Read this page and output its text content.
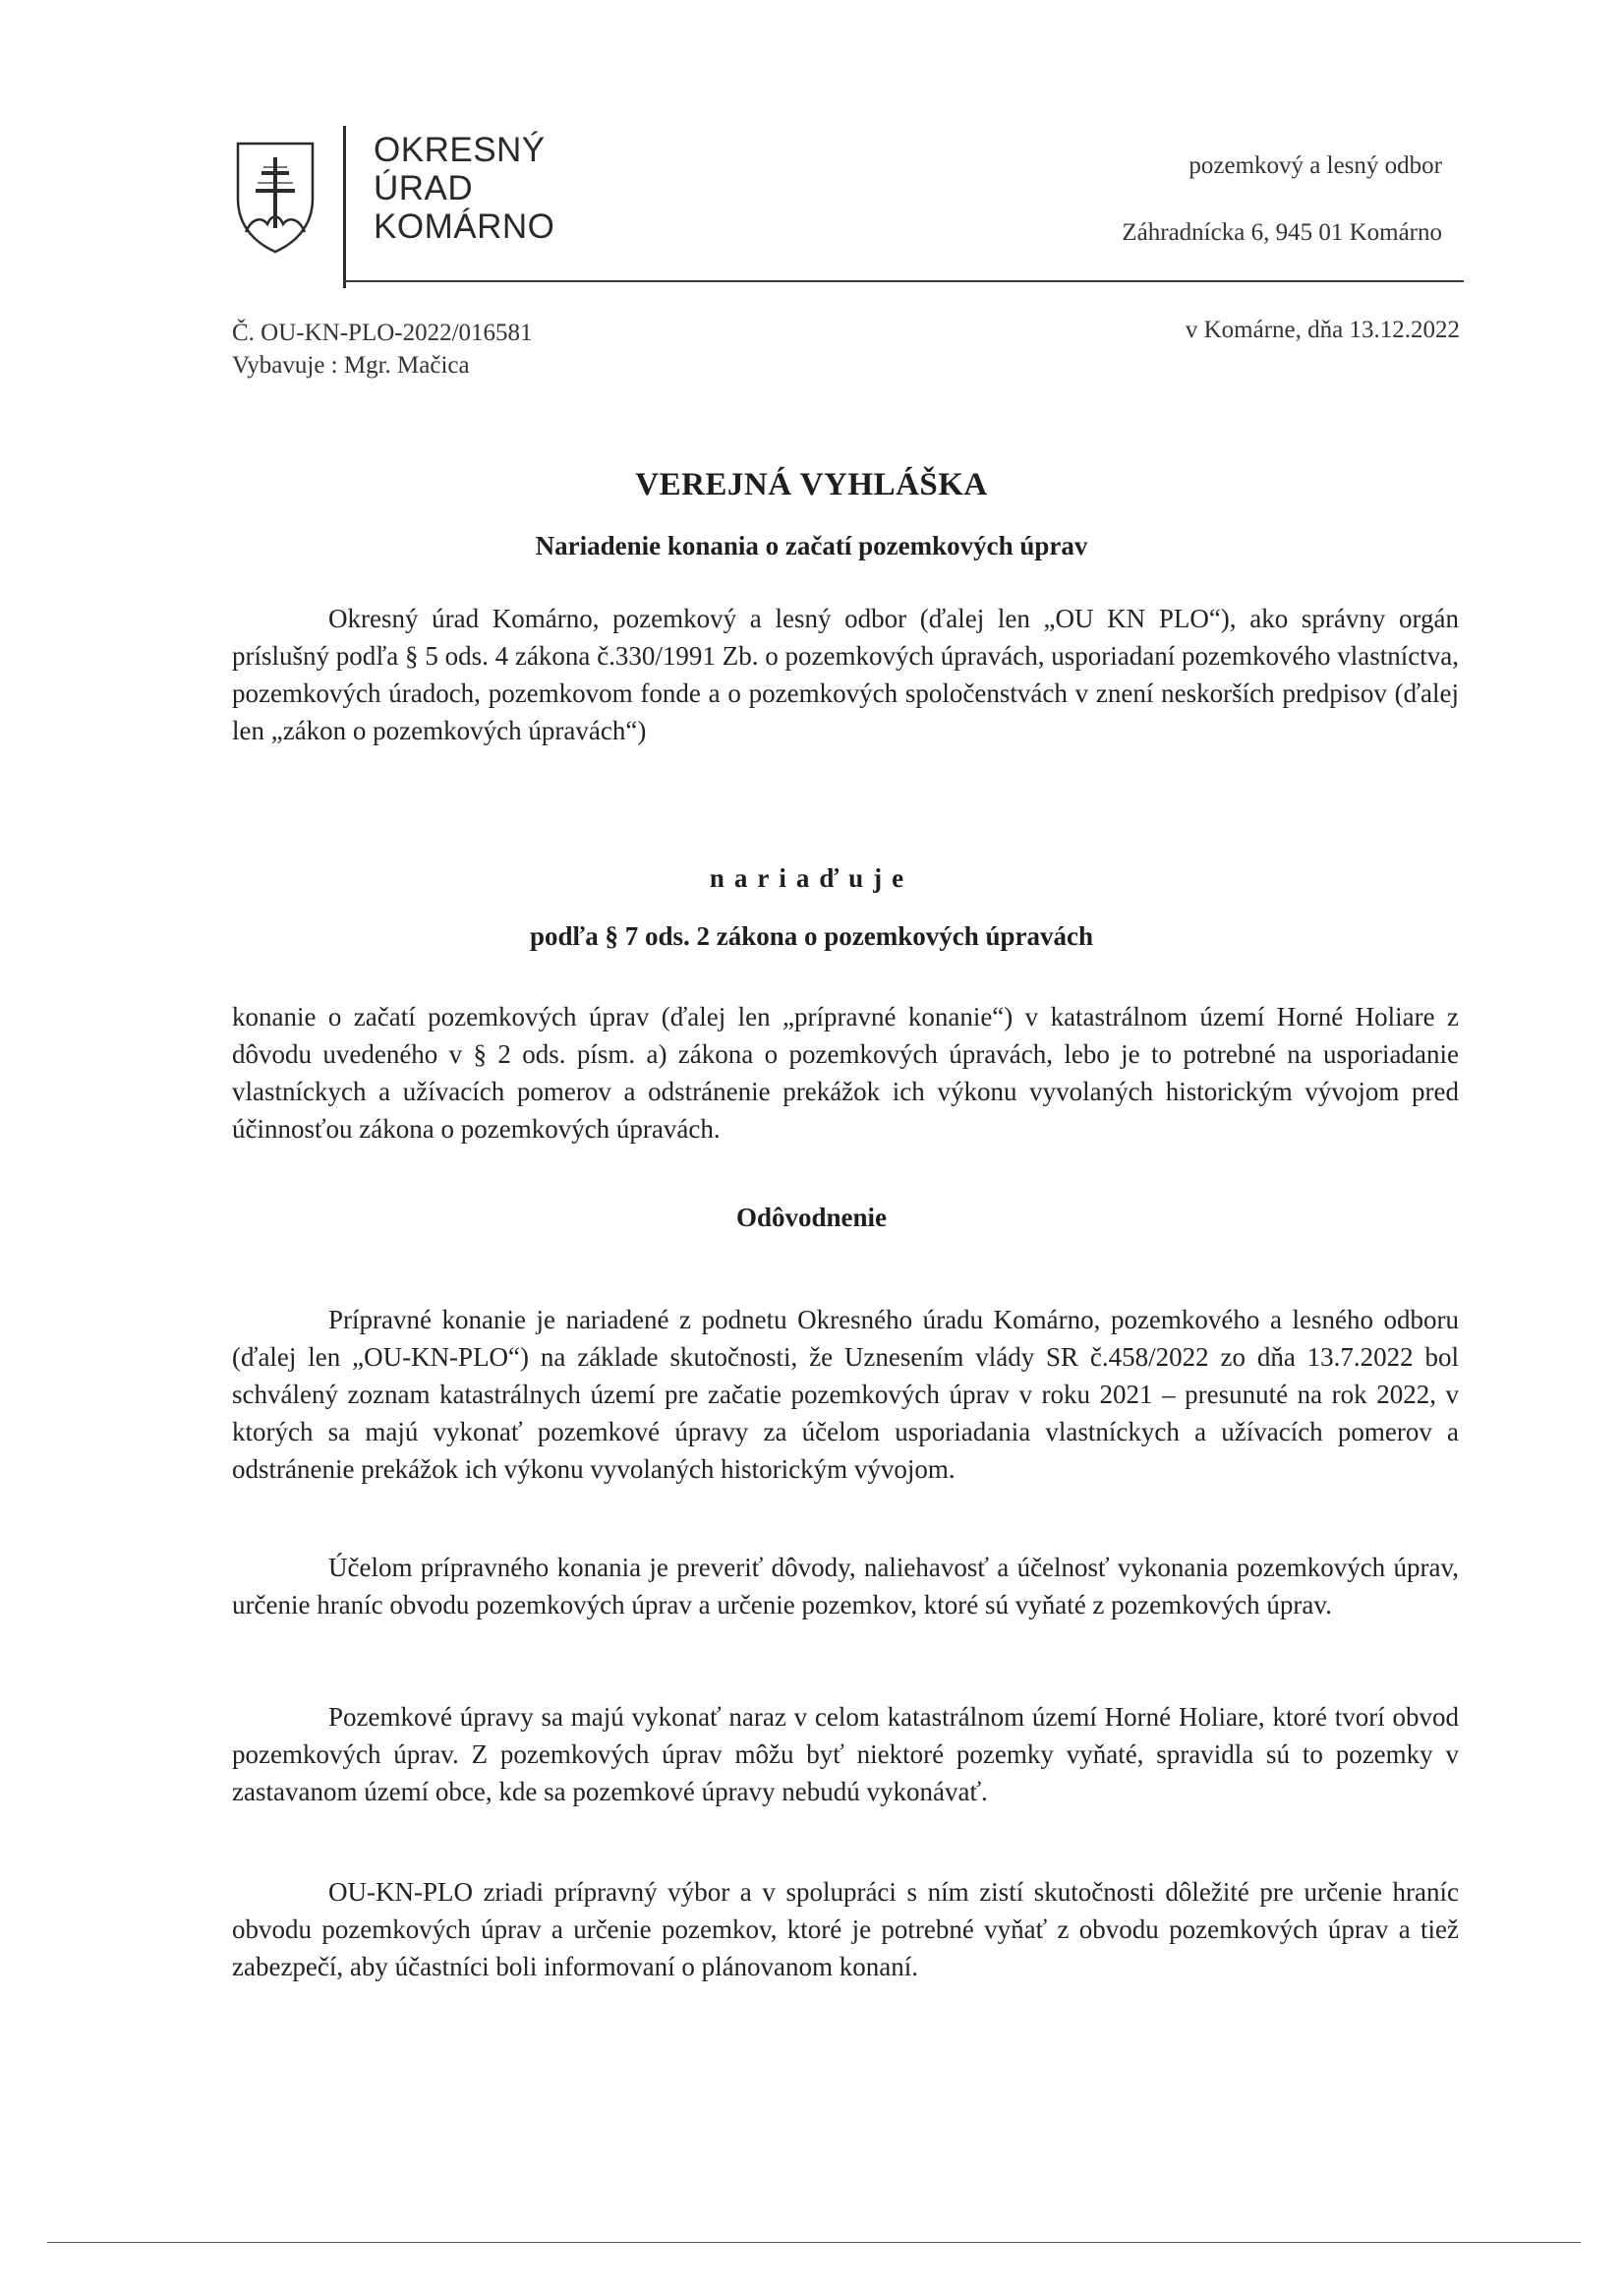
OKRESNÝ
ÚRAD
KOMÁRNO
pozemkový a lesný odbor
Záhradnícka 6, 945 01 Komárno
Č. OU-KN-PLO-2022/016581
Vybavuje : Mgr. Mačica
v Komárne, dňa 13.12.2022
VEREJNÁ VYHLÁŠKA
Nariadenie konania o začatí pozemkových úprav

Okresný úrad Komárno, pozemkový a lesný odbor (ďalej len „OU KN PLO“), ako správny orgán príslušný podľa § 5 ods. 4 zákona č.330/1991 Zb. o pozemkových úpravách, usporiadaní pozemkového vlastníctva, pozemkových úradoch, pozemkovom fonde a o pozemkových spoločenstvách v znení neskorších predpisov (ďalej len „zákon o pozemkových úpravách“)

nariaďuje
podľa § 7 ods. 2 zákona o pozemkových úpravách

konanie o začatí pozemkových úprav (ďalej len „prípravné konanie“) v katastrálnom území Horné Holiare z dôvodu uvedeného v § 2 ods. písm. a) zákona o pozemkových úpravách, lebo je to potrebné na usporiadanie vlastníckych a užívacích pomerov a odstránenie prekážok ich výkonu vyvolaných historickým vývojom pred účinnosťou zákona o pozemkových úpravách.

Odôvodnenie

Prípravné konanie je nariadené z podnetu Okresného úradu Komárno, pozemkového a lesného odboru (ďalej len „OU-KN-PLO“) na základe skutočnosti, že Uznesením vlády SR č.458/2022 zo dňa 13.7.2022 bol schválený zoznam katastrálnych území pre začatie pozemkových úprav v roku 2021 – presunuté na rok 2022, v ktorých sa majú vykonať pozemkové úpravy za účelom usporiadania vlastníckych a užívacích pomerov a odstránenie prekážok ich výkonu vyvolaných historickým vývojom.

Účelom prípravného konania je preveriť dôvody, naliehavosť a účelnosť vykonania pozemkových úprav, určenie hraníc obvodu pozemkových úprav a určenie pozemkov, ktoré sú vyňaté z pozemkových úprav.

Pozemkové úpravy sa majú vykonať naraz v celom katastrálnom území Horné Holiare, ktoré tvorí obvod pozemkových úprav. Z pozemkových úprav môžu byť niektoré pozemky vyňaté, spravidla sú to pozemky v zastavanom území obce, kde sa pozemkové úpravy nebudú vykonávať.

OU-KN-PLO zriadi prípravný výbor a v spolupráci s ním zistí skutočnosti dôležité pre určenie hraníc obvodu pozemkových úprav a určenie pozemkov, ktoré je potrebné vyňať z obvodu pozemkových úprav a tiež zabezpečí, aby účastníci boli informovaní o plánovanom konaní.
